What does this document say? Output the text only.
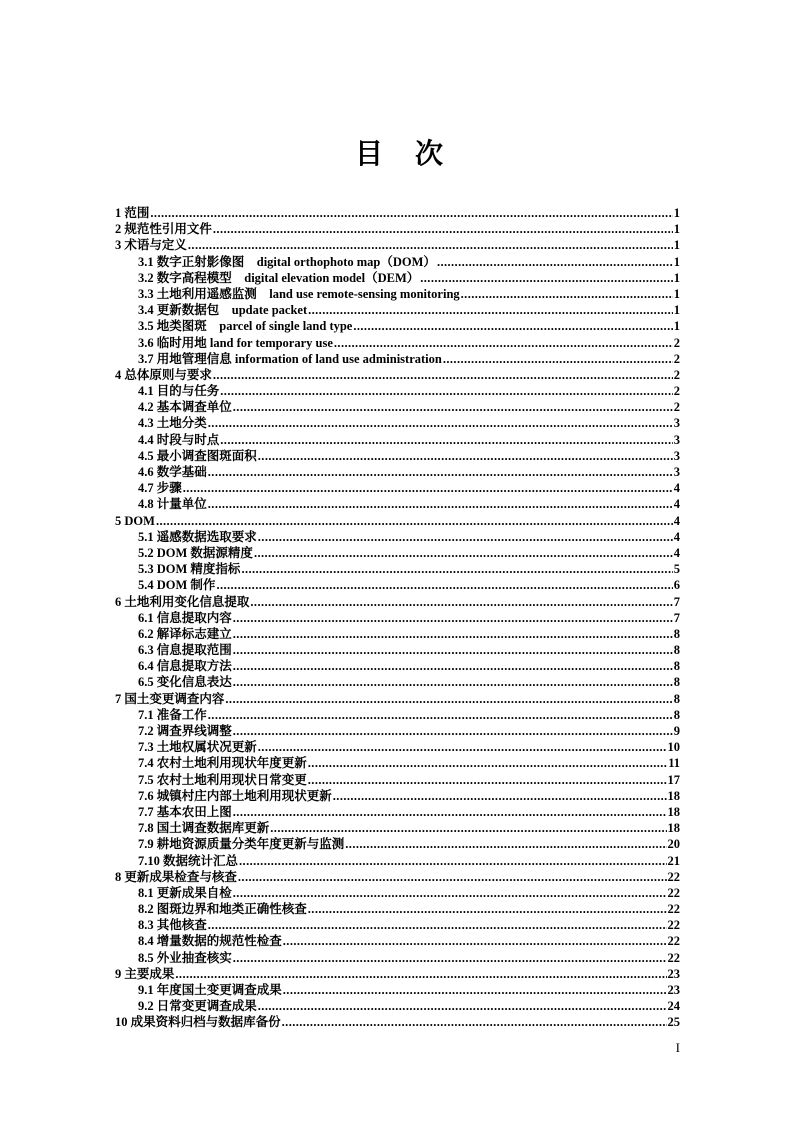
目　次
1 范围 .....	1
2 规范性引用文件 .....	1
3 术语与定义 .....	1
3.1 数字正射影像图　digital orthophoto map（DOM） .....	1
3.2 数字高程模型　digital elevation model（DEM） .....	1
3.3 土地利用遥感监测　land use remote-sensing monitoring .....	1
3.4 更新数据包　update packet .....	1
3.5 地类图斑　parcel of single land type .....	1
3.6 临时用地 land for temporary use .....	2
3.7 用地管理信息 information of land use administration .....	2
4 总体原则与要求 .....	2
4.1 目的与任务 .....	2
4.2 基本调查单位 .....	2
4.3 土地分类 .....	3
4.4 时段与时点 .....	3
4.5 最小调查图斑面积 .....	3
4.6 数学基础 .....	3
4.7 步骤 .....	4
4.8 计量单位 .....	4
5 DOM .....	4
5.1 遥感数据选取要求 .....	4
5.2 DOM 数据源精度 .....	4
5.3 DOM 精度指标 .....	5
5.4 DOM 制作 .....	6
6 土地利用变化信息提取 .....	7
6.1 信息提取内容 .....	7
6.2 解译标志建立 .....	8
6.3 信息提取范围 .....	8
6.4 信息提取方法 .....	8
6.5 变化信息表达 .....	8
7 国土变更调查内容 .....	8
7.1 准备工作 .....	8
7.2 调查界线调整 .....	9
7.3 土地权属状况更新 .....	10
7.4 农村土地利用现状年度更新 .....	11
7.5 农村土地利用现状日常变更 .....	17
7.6 城镇村庄内部土地利用现状更新 .....	18
7.7 基本农田上图 .....	18
7.8 国土调查数据库更新 .....	18
7.9 耕地资源质量分类年度更新与监测 .....	20
7.10 数据统计汇总 .....	21
8 更新成果检查与核查 .....	22
8.1 更新成果自检 .....	22
8.2 图斑边界和地类正确性核查 .....	22
8.3 其他核查 .....	22
8.4 增量数据的规范性检查 .....	22
8.5 外业抽查核实 .....	22
9 主要成果 .....	23
9.1 年度国土变更调查成果 .....	23
9.2 日常变更调查成果 .....	24
10 成果资料归档与数据库备份 .....	25
I
